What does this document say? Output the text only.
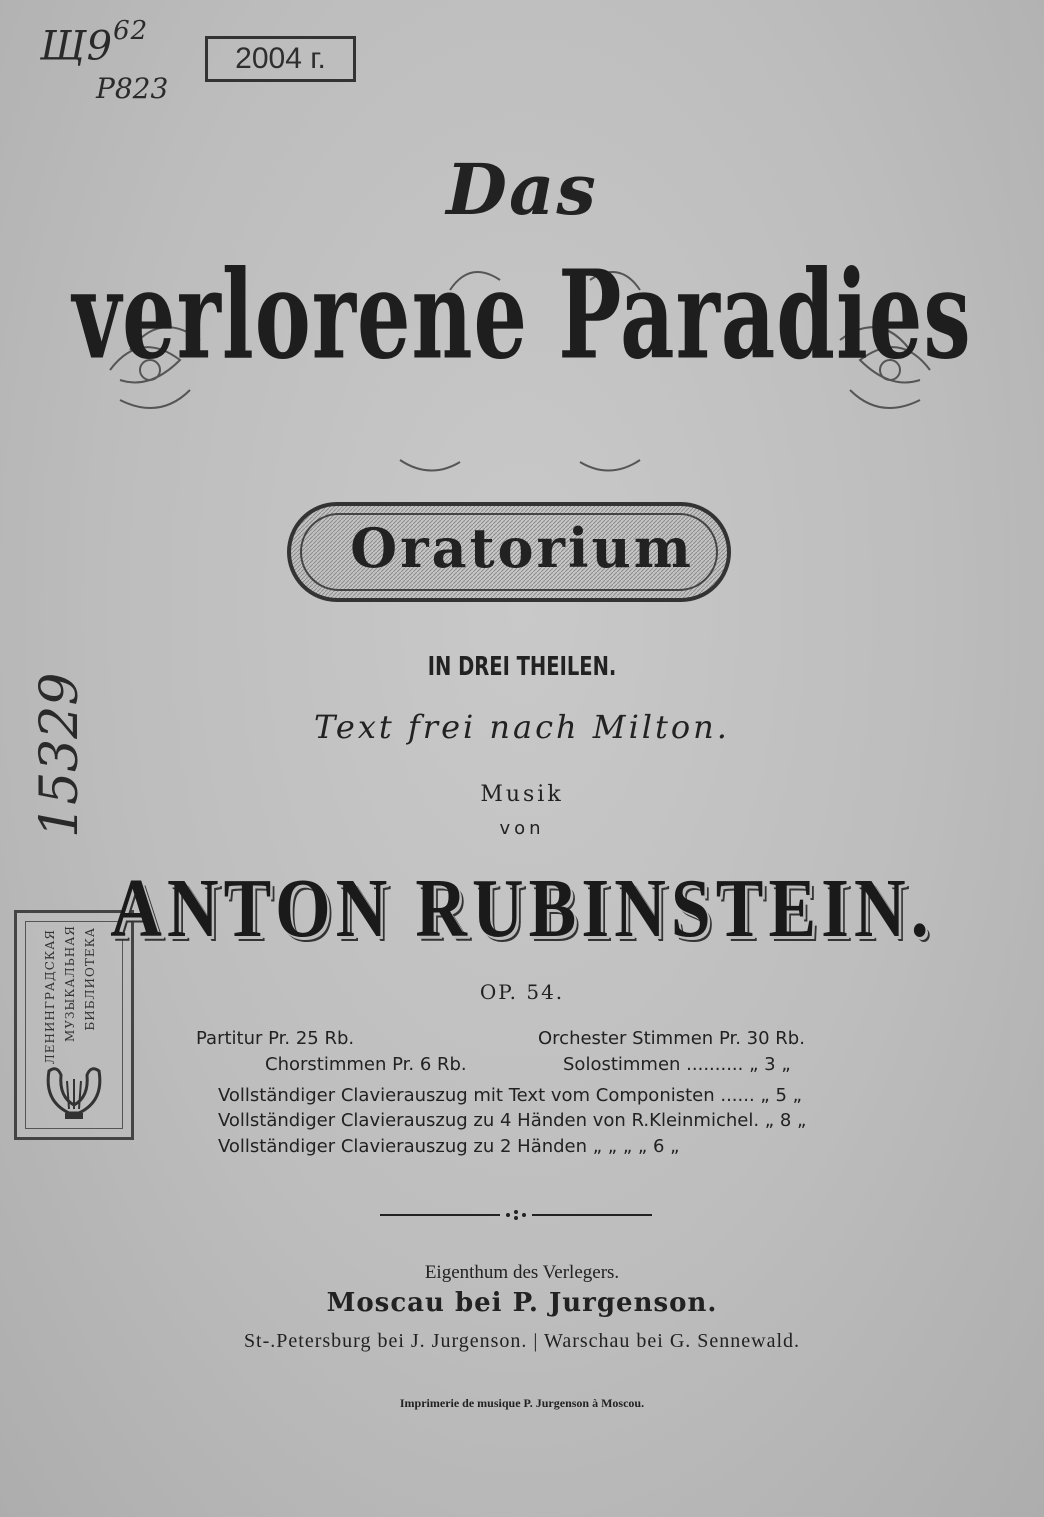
$Щ9^{62}$
Р823
2004 г.
15329
ЛЕНИНГРАДСКАЯ МУЗЫКАЛЬНАЯ БИБЛИОТЕКА
Das
verlorene Paradies
Oratorium
IN DREI THEILEN.
Text frei nach Milton.
Musik
von
ANTON RUBINSTEIN.
OP. 54.
Partitur Pr. 25 Rb.	Orchester Stimmen Pr. 30 Rb.
Chorstimmen Pr. 6 Rb.	Solostimmen .......... „ 3 „
Vollständiger Clavierauszug mit Text vom Componisten ...... „ 5 „
Vollständiger Clavierauszug zu 4 Händen von R.Kleinmichel. „ 8 „
Vollständiger Clavierauszug zu 2 Händen „ „ „ „ 6 „
Eigenthum des Verlegers.
Moscau bei P. Jurgenson.
St-.Petersburg bei J. Jurgenson. | Warschau bei G. Sennewald.
Imprimerie de musique P. Jurgenson à Moscou.
